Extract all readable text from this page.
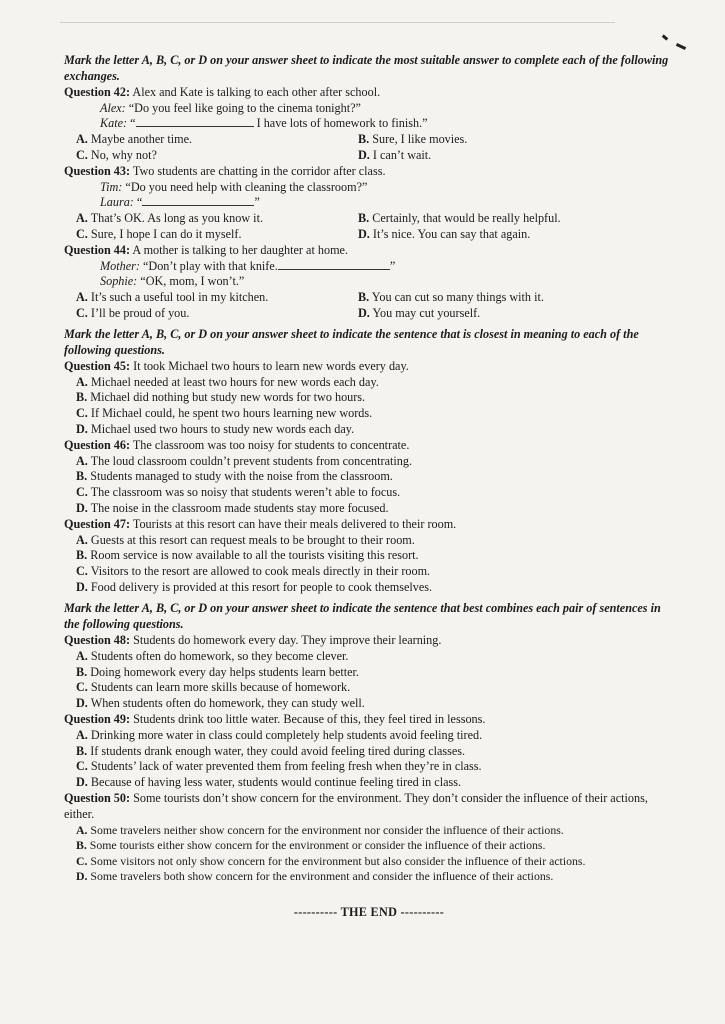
Mark the letter A, B, C, or D on your answer sheet to indicate the most suitable answer to complete each of the following exchanges.
Question 42: Alex and Kate is talking to each other after school.
Alex: “Do you feel like going to the cinema tonight?”
Kate: “	I have lots of homework to finish.”
A. Maybe another time.	B. Sure, I like movies.
C. No, why not?	D. I can’t wait.
Question 43: Two students are chatting in the corridor after class.
Tim: “Do you need help with cleaning the classroom?”
Laura: “	”
A. That’s OK. As long as you know it.	B. Certainly, that would be really helpful.
C. Sure, I hope I can do it myself.	D. It’s nice. You can say that again.
Question 44: A mother is talking to her daughter at home.
Mother: “Don’t play with that knife.	”
Sophie: “OK, mom, I won’t.”
A. It’s such a useful tool in my kitchen.	B. You can cut so many things with it.
C. I’ll be proud of you.	D. You may cut yourself.
Mark the letter A, B, C, or D on your answer sheet to indicate the sentence that is closest in meaning to each of the following questions.
Question 45: It took Michael two hours to learn new words every day.
A. Michael needed at least two hours for new words each day.
B. Michael did nothing but study new words for two hours.
C. If Michael could, he spent two hours learning new words.
D. Michael used two hours to study new words each day.
Question 46: The classroom was too noisy for students to concentrate.
A. The loud classroom couldn’t prevent students from concentrating.
B. Students managed to study with the noise from the classroom.
C. The classroom was so noisy that students weren’t able to focus.
D. The noise in the classroom made students stay more focused.
Question 47: Tourists at this resort can have their meals delivered to their room.
A. Guests at this resort can request meals to be brought to their room.
B. Room service is now available to all the tourists visiting this resort.
C. Visitors to the resort are allowed to cook meals directly in their room.
D. Food delivery is provided at this resort for people to cook themselves.
Mark the letter A, B, C, or D on your answer sheet to indicate the sentence that best combines each pair of sentences in the following questions.
Question 48: Students do homework every day. They improve their learning.
A. Students often do homework, so they become clever.
B. Doing homework every day helps students learn better.
C. Students can learn more skills because of homework.
D. When students often do homework, they can study well.
Question 49: Students drink too little water. Because of this, they feel tired in lessons.
A. Drinking more water in class could completely help students avoid feeling tired.
B. If students drank enough water, they could avoid feeling tired during classes.
C. Students’ lack of water prevented them from feeling fresh when they’re in class.
D. Because of having less water, students would continue feeling tired in class.
Question 50: Some tourists don’t show concern for the environment. They don’t consider the influence of their actions, either.
A. Some travelers neither show concern for the environment nor consider the influence of their actions.
B. Some tourists either show concern for the environment or consider the influence of their actions.
C. Some visitors not only show concern for the environment but also consider the influence of their actions.
D. Some travelers both show concern for the environment and consider the influence of their actions.
---------- THE END ----------
